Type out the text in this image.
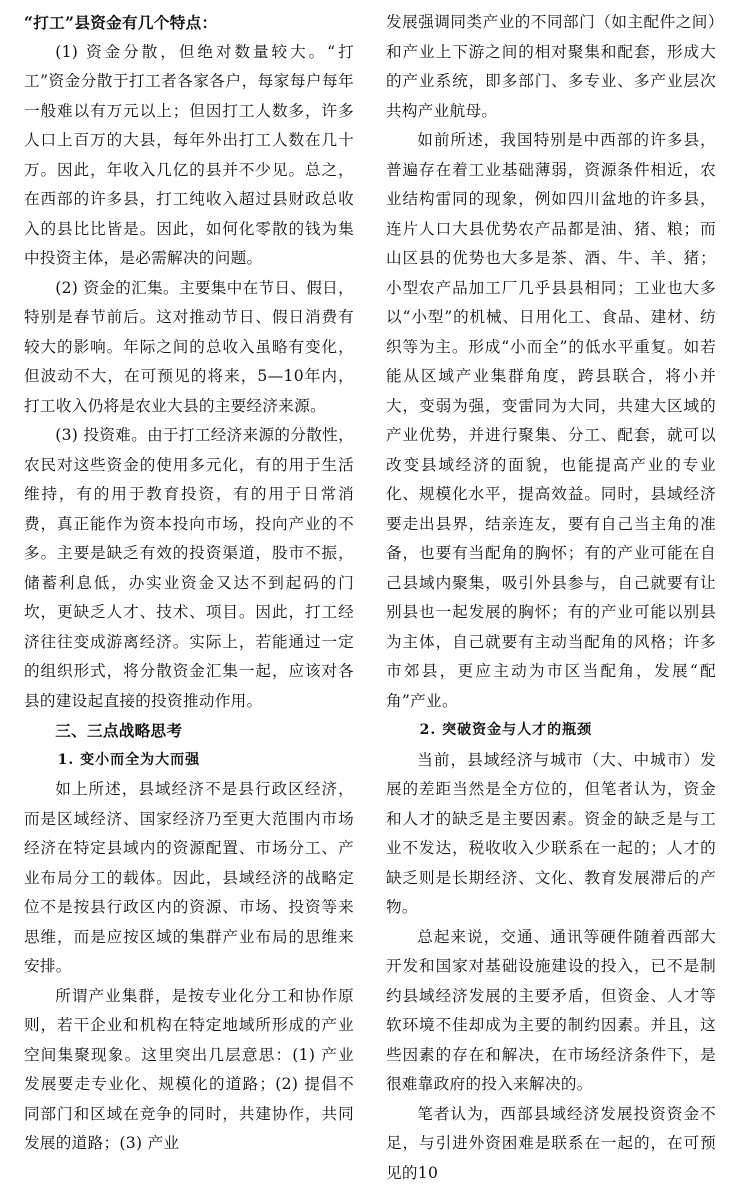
“打工”县资金有几个特点：

(1) 资金分散，但绝对数量较大。“打工”资金分散于打工者各家各户，每家每户每年一般难以有万元以上；但因打工人数多，许多人口上百万的大县，每年外出打工人数在几十万。因此，年收入几亿的县并不少见。总之，在西部的许多县，打工纯收入超过县财政总收入的县比比皆是。因此，如何化零散的钱为集中投资主体，是必需解决的问题。

(2) 资金的汇集。主要集中在节日、假日，特别是春节前后。这对推动节日、假日消费有较大的影响。年际之间的总收入虽略有变化，但波动不大，在可预见的将来，5—10年内，打工收入仍将是农业大县的主要经济来源。

(3) 投资难。由于打工经济来源的分散性，农民对这些资金的使用多元化，有的用于生活维持，有的用于教育投资，有的用于日常消费，真正能作为资本投向市场，投向产业的不多。主要是缺乏有效的投资渠道，股市不振，储蓄利息低，办实业资金又达不到起码的门坎，更缺乏人才、技术、项目。因此，打工经济往往变成游离经济。实际上，若能通过一定的组织形式，将分散资金汇集一起，应该对各县的建设起直接的投资推动作用。

三、三点战略思考
1. 变小而全为大而强

如上所述，县域经济不是县行政区经济，而是区域经济、国家经济乃至更大范围内市场经济在特定县域内的资源配置、市场分工、产业布局分工的载体。因此，县域经济的战略定位不是按县行政区内的资源、市场、投资等来思维，而是应按区域的集群产业布局的思维来安排。

所谓产业集群，是按专业化分工和协作原则，若干企业和机构在特定地域所形成的产业空间集聚现象。这里突出几层意思：(1) 产业发展要走专业化、规模化的道路；(2) 提倡不同部门和区域在竞争的同时，共建协作，共同发展的道路；(3) 产业

发展强调同类产业的不同部门（如主配件之间）和产业上下游之间的相对聚集和配套，形成大的产业系统，即多部门、多专业、多产业层次共构产业航母。

如前所述，我国特别是中西部的许多县，普遍存在着工业基础薄弱，资源条件相近，农业结构雷同的现象，例如四川盆地的许多县，连片人口大县优势农产品都是油、猪、粮；而山区县的优势也大多是茶、酒、牛、羊、猪；小型农产品加工厂几乎县县相同；工业也大多以“小型”的机械、日用化工、食品、建材、纺织等为主。形成“小而全”的低水平重复。如若能从区域产业集群角度，跨县联合，将小并大，变弱为强，变雷同为大同，共建大区域的产业优势，并进行聚集、分工、配套，就可以改变县域经济的面貌，也能提高产业的专业化、规模化水平，提高效益。同时，县域经济要走出县界，结亲连友，要有自己当主角的准备，也要有当配角的胸怀；有的产业可能在自己县域内聚集，吸引外县参与，自己就要有让别县也一起发展的胸怀；有的产业可能以别县为主体，自己就要有主动当配角的风格；许多市郊县，更应主动为市区当配角，发展“配角”产业。

2. 突破资金与人才的瓶颈

当前，县域经济与城市（大、中城市）发展的差距当然是全方位的，但笔者认为，资金和人才的缺乏是主要因素。资金的缺乏是与工业不发达，税收收入少联系在一起的；人才的缺乏则是长期经济、文化、教育发展滞后的产物。

总起来说，交通、通讯等硬件随着西部大开发和国家对基础设施建设的投入，已不是制约县域经济发展的主要矛盾，但资金、人才等软环境不佳却成为主要的制约因素。并且，这些因素的存在和解决，在市场经济条件下，是很难靠政府的投入来解决的。

笔者认为，西部县域经济发展投资资金不足，与引进外资困难是联系在一起的，在可预见的10
